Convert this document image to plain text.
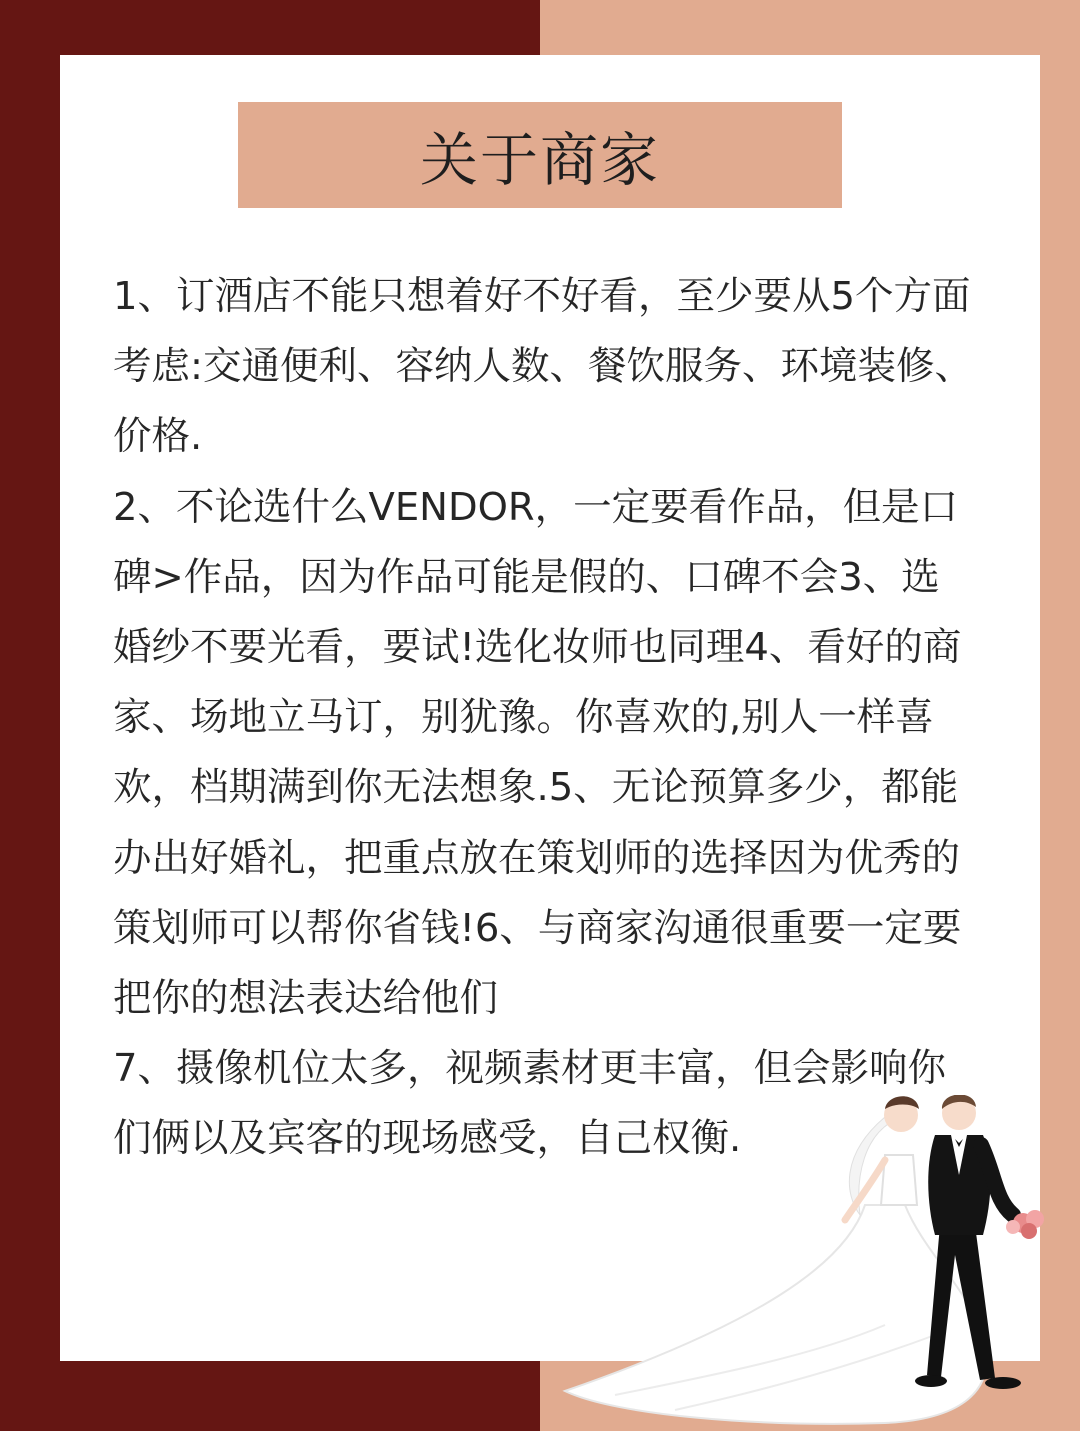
关于商家
1、订酒店不能只想着好不好看，至少要从5个方面考虑:交通便利、容纳人数、餐饮服务、环境装修、价格.
2、不论选什么VENDOR，一定要看作品，但是口碑>作品，因为作品可能是假的、口碑不会3、选婚纱不要光看，要试!选化妆师也同理4、看好的商家、场地立马订，别犹豫。你喜欢的,别人一样喜欢，档期满到你无法想象.5、无论预算多少，都能办出好婚礼，把重点放在策划师的选择因为优秀的策划师可以帮你省钱!6、与商家沟通很重要一定要把你的想法表达给他们
7、摄像机位太多，视频素材更丰富，但会影响你们俩以及宾客的现场感受，自己权衡.
